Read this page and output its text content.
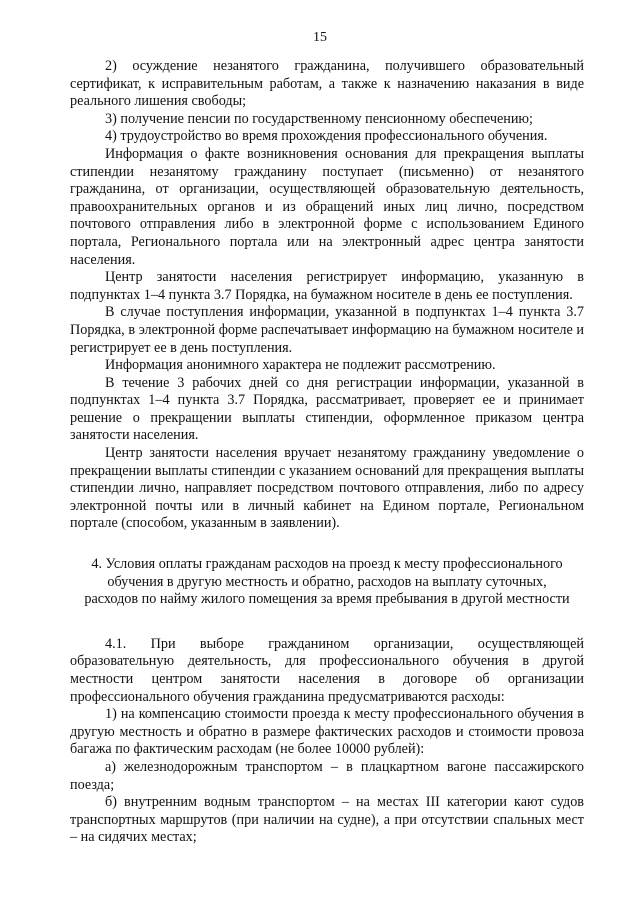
15

2) осуждение незанятого гражданина, получившего образовательный сертификат, к исправительным работам, а также к назначению наказания в виде реального лишения свободы;

3) получение пенсии по государственному пенсионному обеспечению;

4) трудоустройство во время прохождения профессионального обучения.

Информация о факте возникновения основания для прекращения выплаты стипендии незанятому гражданину поступает (письменно) от незанятого гражданина, от организации, осуществляющей образовательную деятельность, правоохранительных органов и из обращений иных лиц лично, посредством почтового отправления либо в электронной форме с использованием Единого портала, Регионального портала или на электронный адрес центра занятости населения.

Центр занятости населения регистрирует информацию, указанную в подпунктах 1–4 пункта 3.7 Порядка, на бумажном носителе в день ее поступления.

В случае поступления информации, указанной в подпунктах 1–4 пункта 3.7 Порядка, в электронной форме распечатывает информацию на бумажном носителе и регистрирует ее в день поступления.

Информация анонимного характера не подлежит рассмотрению.

В течение 3 рабочих дней со дня регистрации информации, указанной в подпунктах 1–4 пункта 3.7 Порядка, рассматривает, проверяет ее и принимает решение о прекращении выплаты стипендии, оформленное приказом центра занятости населения.

Центр занятости населения вручает незанятому гражданину уведомление о прекращении выплаты стипендии с указанием оснований для прекращения выплаты стипендии лично, направляет посредством почтового отправления, либо по адресу электронной почты или в личный кабинет на Едином портале, Региональном портале (способом, указанным в заявлении).

4. Условия оплаты гражданам расходов на проезд к месту профессионального
обучения в другую местность и обратно, расходов на выплату суточных,
расходов по найму жилого помещения за время пребывания в другой местности

4.1. При выборе гражданином организации, осуществляющей образовательную деятельность, для профессионального обучения в другой местности центром занятости населения в договоре об организации профессионального обучения гражданина предусматриваются расходы:

1) на компенсацию стоимости проезда к месту профессионального обучения в другую местность и обратно в размере фактических расходов и стоимости провоза багажа по фактическим расходам (не более 10000 рублей):

а) железнодорожным транспортом – в плацкартном вагоне пассажирского поезда;

б) внутренним водным транспортом – на местах III категории кают судов транспортных маршрутов (при наличии на судне), а при отсутствии спальных мест – на сидячих местах;
